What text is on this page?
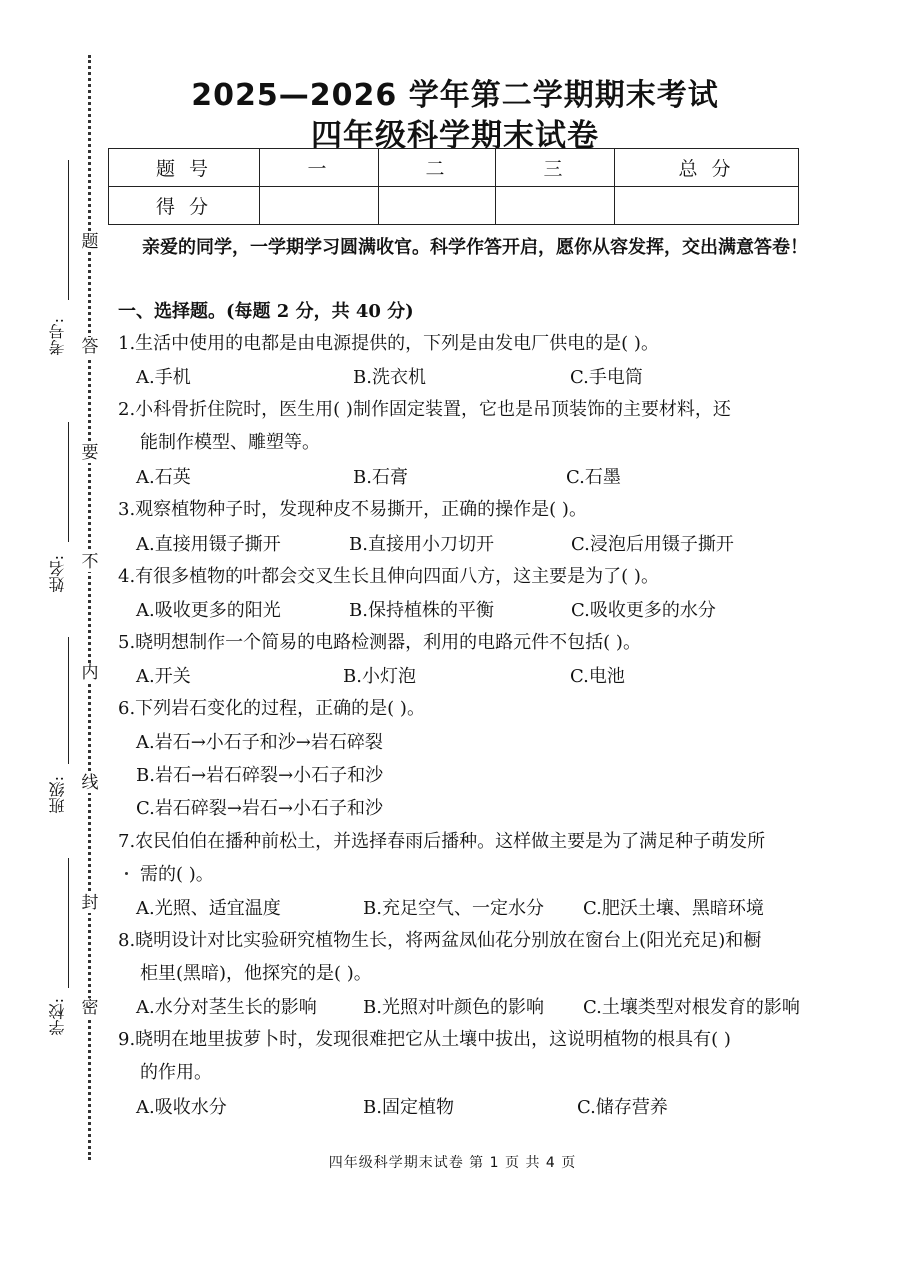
题
答
要
不
内
线
封
密
考号:
姓名:
班级:
学校:
2025—2026 学年第二学期期末考试
四年级科学期末试卷
题 号	一	二	三	总 分
得 分				
亲爱的同学，一学期学习圆满收官。科学作答开启，愿你从容发挥，交出满意答卷！
一、选择题。(每题 2 分，共 40 分)
1.生活中使用的电都是由电源提供的，下列是由发电厂供电的是( )。
A.手机	B.洗衣机	C.手电筒
2.小科骨折住院时，医生用( )制作固定装置，它也是吊顶装饰的主要材料，还
能制作模型、雕塑等。
A.石英	B.石膏	C.石墨
3.观察植物种子时，发现种皮不易撕开，正确的操作是( )。
A.直接用镊子撕开	B.直接用小刀切开	C.浸泡后用镊子撕开
4.有很多植物的叶都会交叉生长且伸向四面八方，这主要是为了( )。
A.吸收更多的阳光	B.保持植株的平衡	C.吸收更多的水分
5.晓明想制作一个简易的电路检测器，利用的电路元件不包括( )。
A.开关	B.小灯泡	C.电池
6.下列岩石变化的过程，正确的是( )。
A.岩石→小石子和沙→岩石碎裂
B.岩石→岩石碎裂→小石子和沙
C.岩石碎裂→岩石→小石子和沙
7.农民伯伯在播种前松土，并选择春雨后播种。这样做主要是为了满足种子萌发所
需的( )。
A.光照、适宜温度	B.充足空气、一定水分 C.肥沃土壤、黑暗环境
8.晓明设计对比实验研究植物生长，将两盆凤仙花分别放在窗台上(阳光充足)和橱
柜里(黑暗)，他探究的是( )。
A.水分对茎生长的影响	B.光照对叶颜色的影响 C.土壤类型对根发育的影响
9.晓明在地里拔萝卜时，发现很难把它从土壤中拔出，这说明植物的根具有( )
的作用。
A.吸收水分	B.固定植物	C.储存营养
四年级科学期末试卷 第 1 页 共 4 页
